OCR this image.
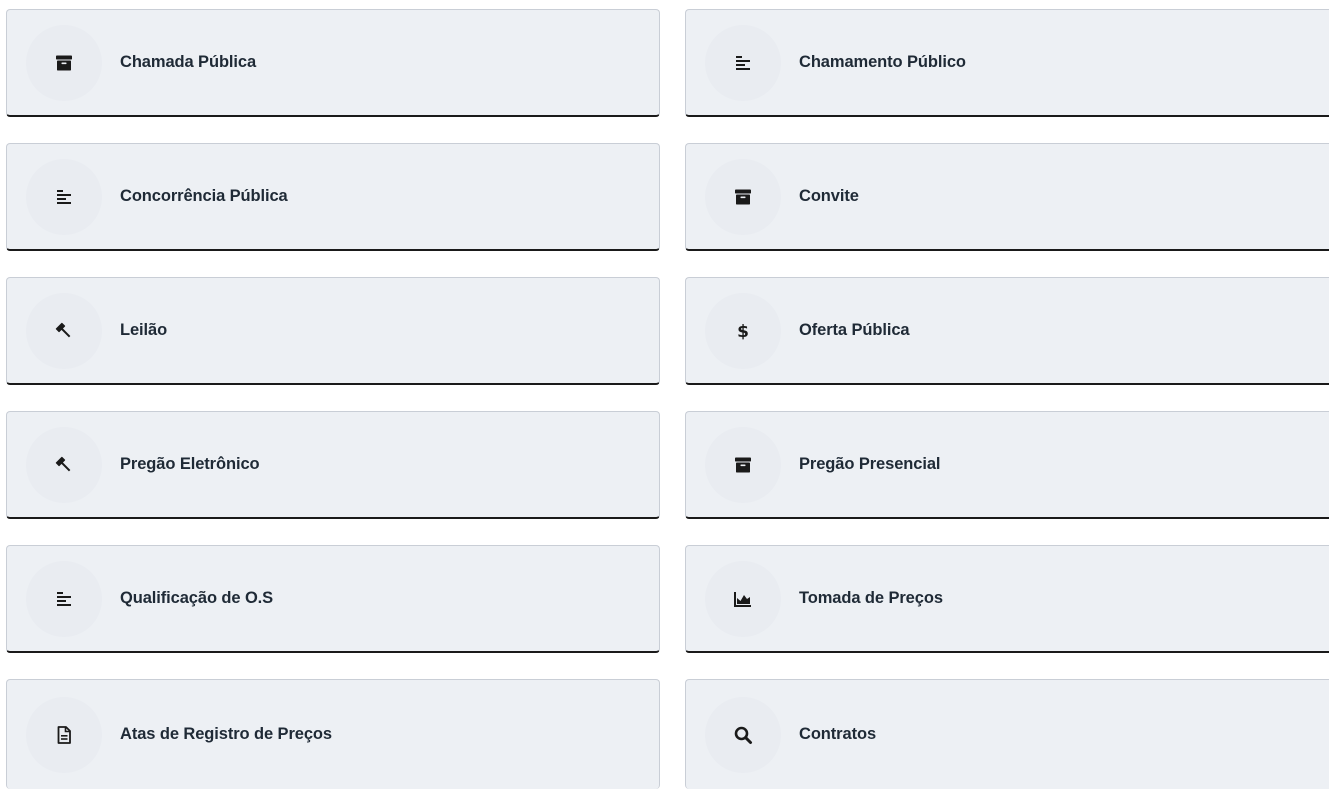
Chamada Pública	Chamamento Público
Concorrência Pública	Convite
Leilão	$	Oferta Pública
Pregão Eletrônico	Pregão Presencial
Qualificação de O.S	Tomada de Preços
Atas de Registro de Preços	Contratos
